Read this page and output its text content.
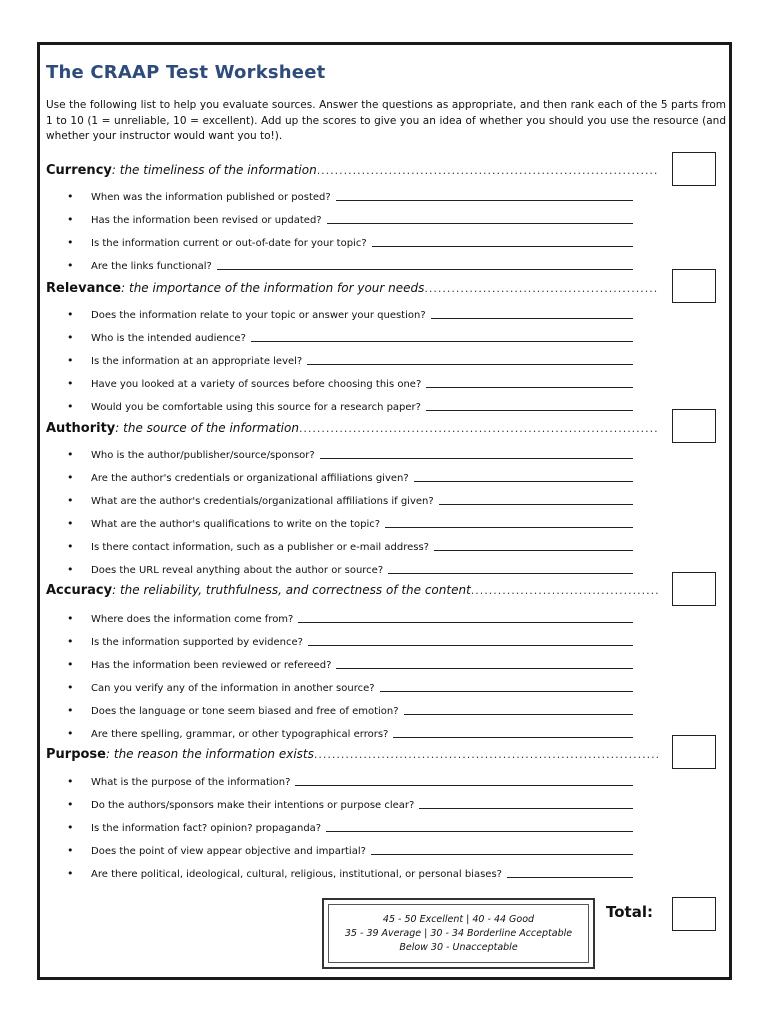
The CRAAP Test Worksheet

Use the following list to help you evaluate sources. Answer the questions as appropriate, and then rank each of the 5 parts from 1 to 10 (1 = unreliable, 10 = excellent). Add up the scores to give you an idea of whether you should you use the resource (and whether your instructor would want you to!).

Currency : the timeliness of the information
.....
•	When was the information published or posted?
•	Has the information been revised or updated?
•	Is the information current or out-of-date for your topic?
•	Are the links functional?
Relevance : the importance of the information for your needs
.....
•	Does the information relate to your topic or answer your question?
•	Who is the intended audience?
•	Is the information at an appropriate level?
•	Have you looked at a variety of sources before choosing this one?
•	Would you be comfortable using this source for a research paper?
Authority : the source of the information
.....
•	Who is the author/publisher/source/sponsor?
•	Are the author's credentials or organizational affiliations given?
•	What are the author's credentials/organizational affiliations if given?
•	What are the author's qualifications to write on the topic?
•	Is there contact information, such as a publisher or e-mail address?
•	Does the URL reveal anything about the author or source?
Accuracy : the reliability, truthfulness, and correctness of the content
.....
•	Where does the information come from?
•	Is the information supported by evidence?
•	Has the information been reviewed or refereed?
•	Can you verify any of the information in another source?
•	Does the language or tone seem biased and free of emotion?
•	Are there spelling, grammar, or other typographical errors?
Purpose : the reason the information exists
.....
•	What is the purpose of the information?
•	Do the authors/sponsors make their intentions or purpose clear?
•	Is the information fact? opinion? propaganda?
•	Does the point of view appear objective and impartial?
•	Are there political, ideological, cultural, religious, institutional, or personal biases?
45 - 50 Excellent | 40 - 44 Good
35 - 39 Average | 30 - 34 Borderline Acceptable
Below 30 - Unacceptable
Total:
